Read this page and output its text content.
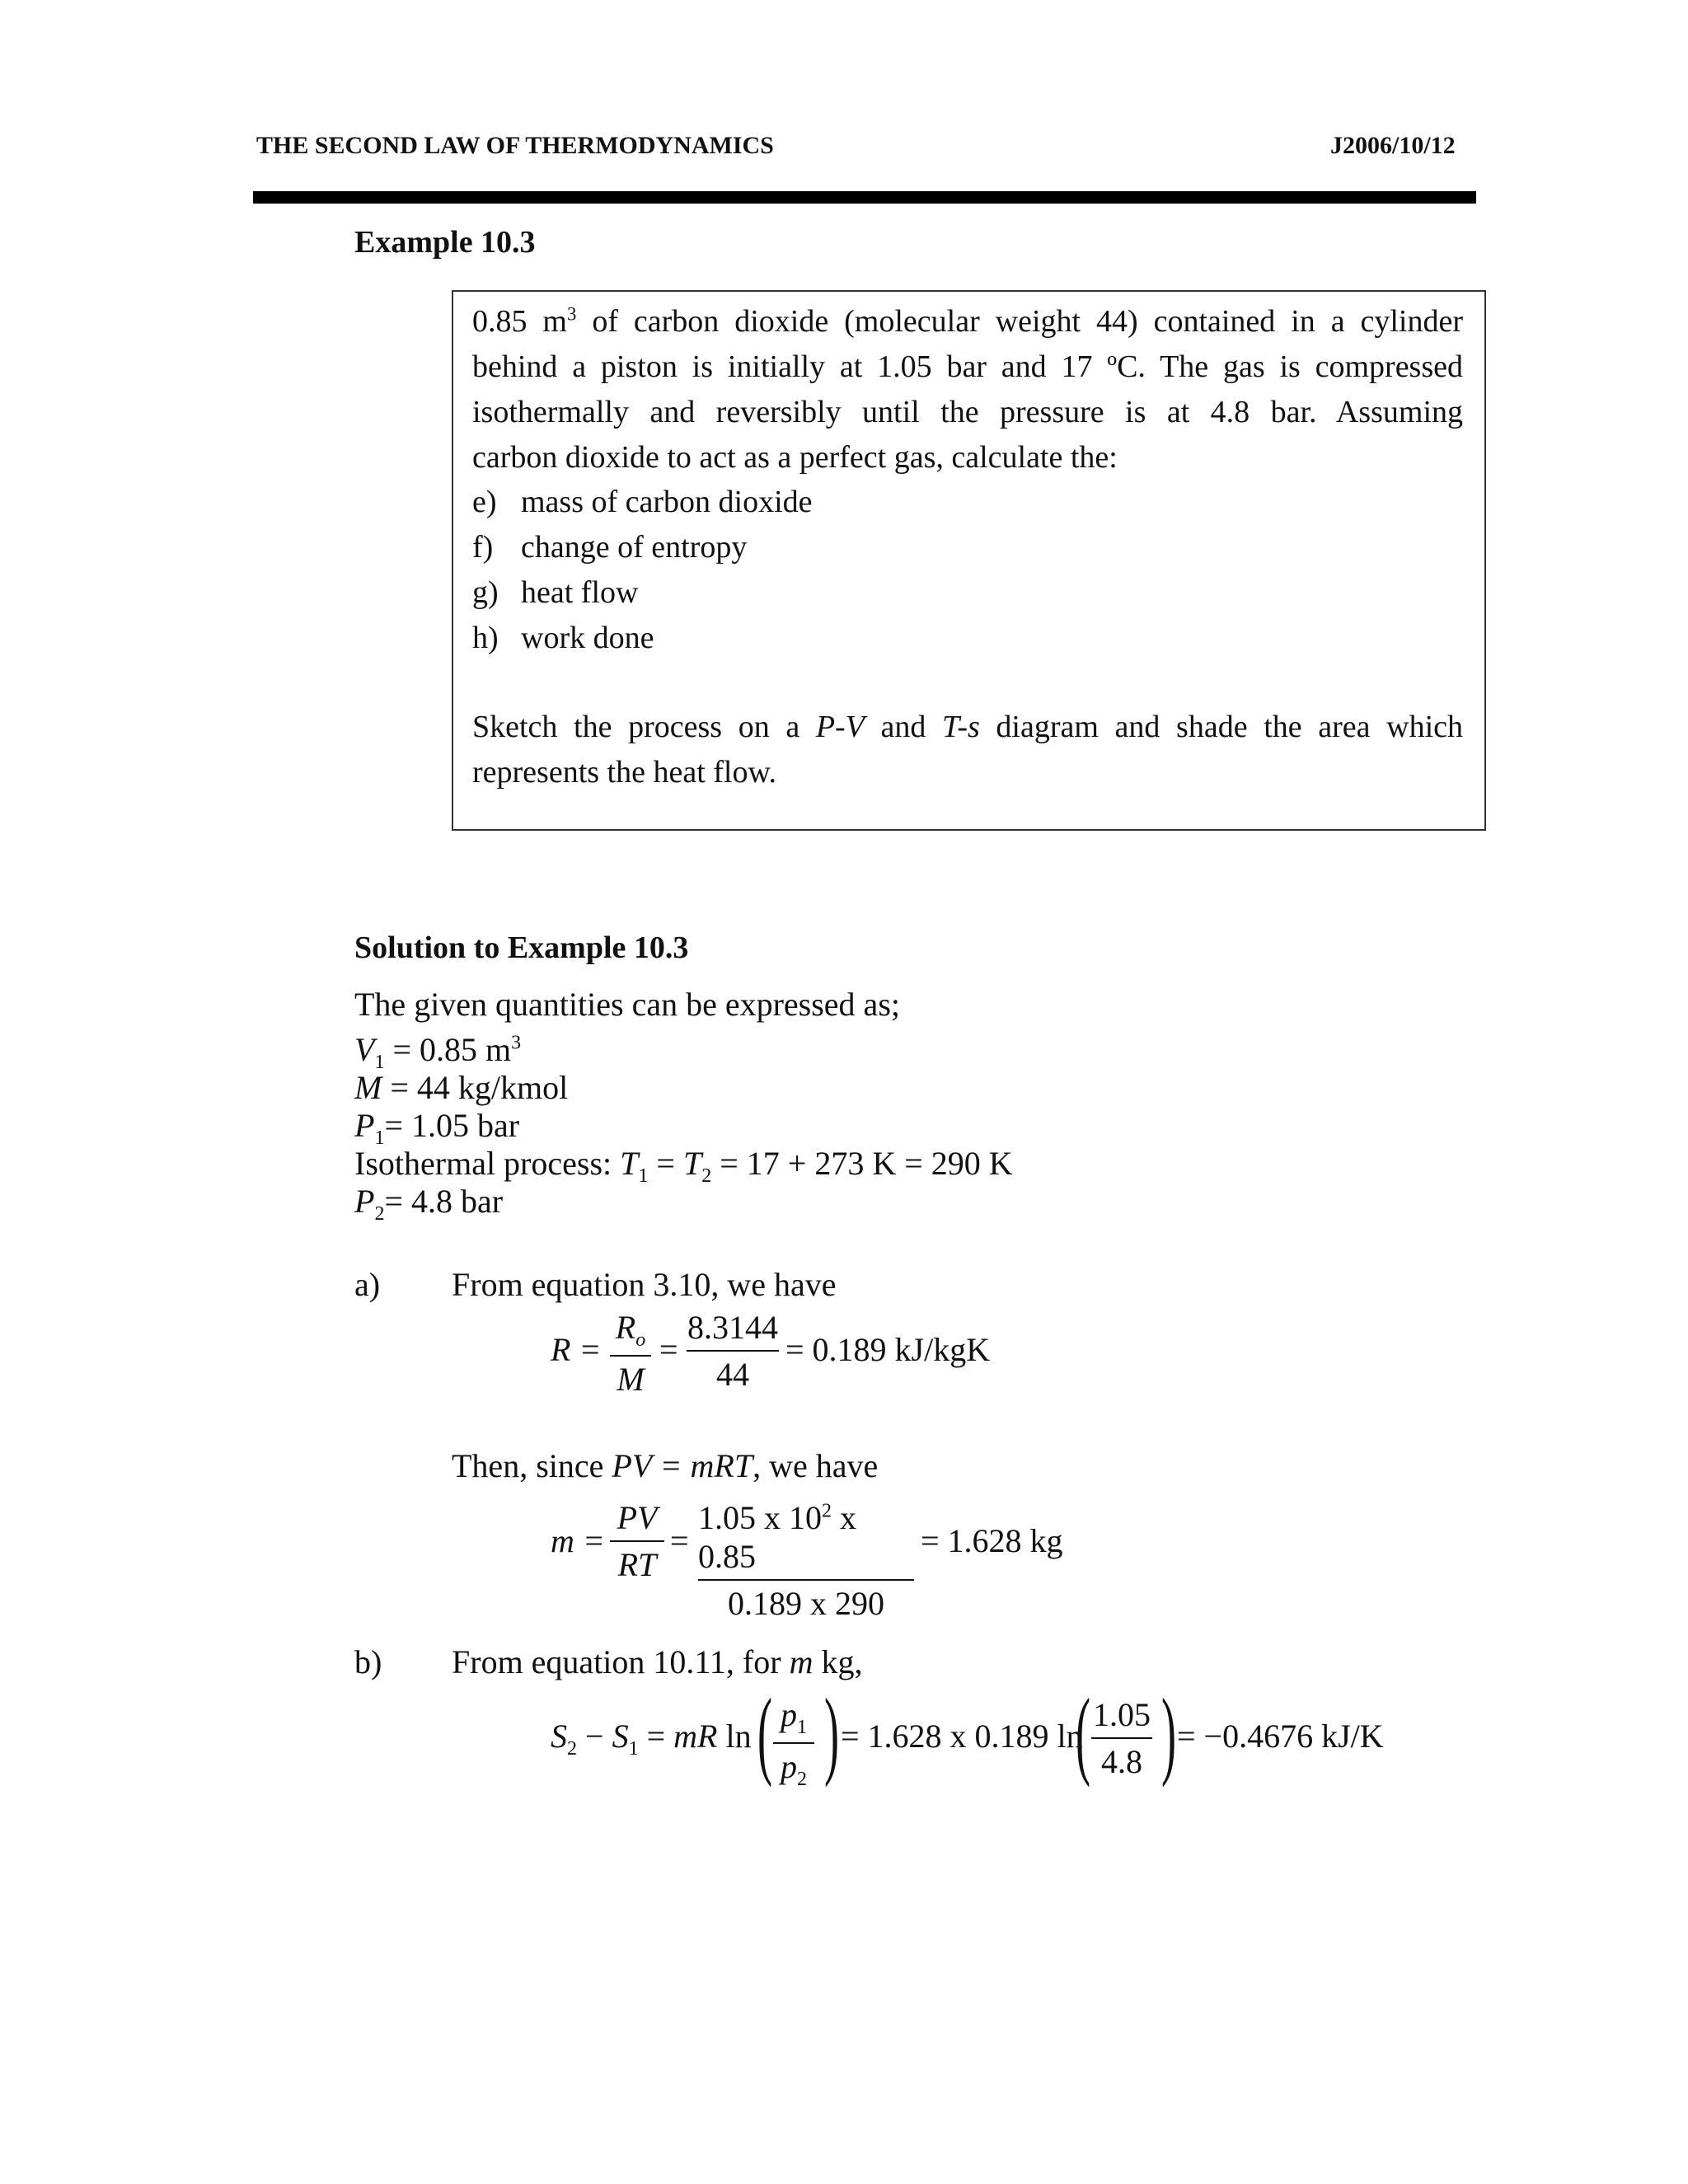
THE SECOND LAW OF THERMODYNAMICS	J2006/10/12
Example 10.3
0.85 $m^3$ of carbon dioxide (molecular weight 44) contained in a cylinder
behind a piston is initially at 1.05 bar and 17 ºC. The gas is compressed
isothermally and reversibly until the pressure is at 4.8 bar. Assuming
carbon dioxide to act as a perfect gas, calculate the:
e) mass of carbon dioxide
f) change of entropy
g) heat flow
h) work done
Sketch the process on a P-V and T-s diagram and shade the area which
represents the heat flow.
Solution to Example 10.3
The given quantities can be expressed as;
$V_1 = 0.85$ $m^3$
M = 44 kg/kmol
$P_1= 1.05$ bar
Isothermal process: $T_1 = T_2 = 17 + 273$ K = 290 K
$P_2= 4.8$ bar
a) From equation 3.10, we have
R =
$R_o$
M
=
8.3144
44
= 0.189 kJ/kgK
Then, since PV = mRT, we have
m =
PV
RT
=
1.05 x $10^2$ x 0.85
0.189 x 290
= 1.628 kg
b) From equation 10.11, for m kg,
$S_2 - S_1$ = mR ln ( $p_1$
$p_2$ ) = 1.628 x 0.189 ln
( 1.05
4.8 ) = −0.4676 kJ/K
